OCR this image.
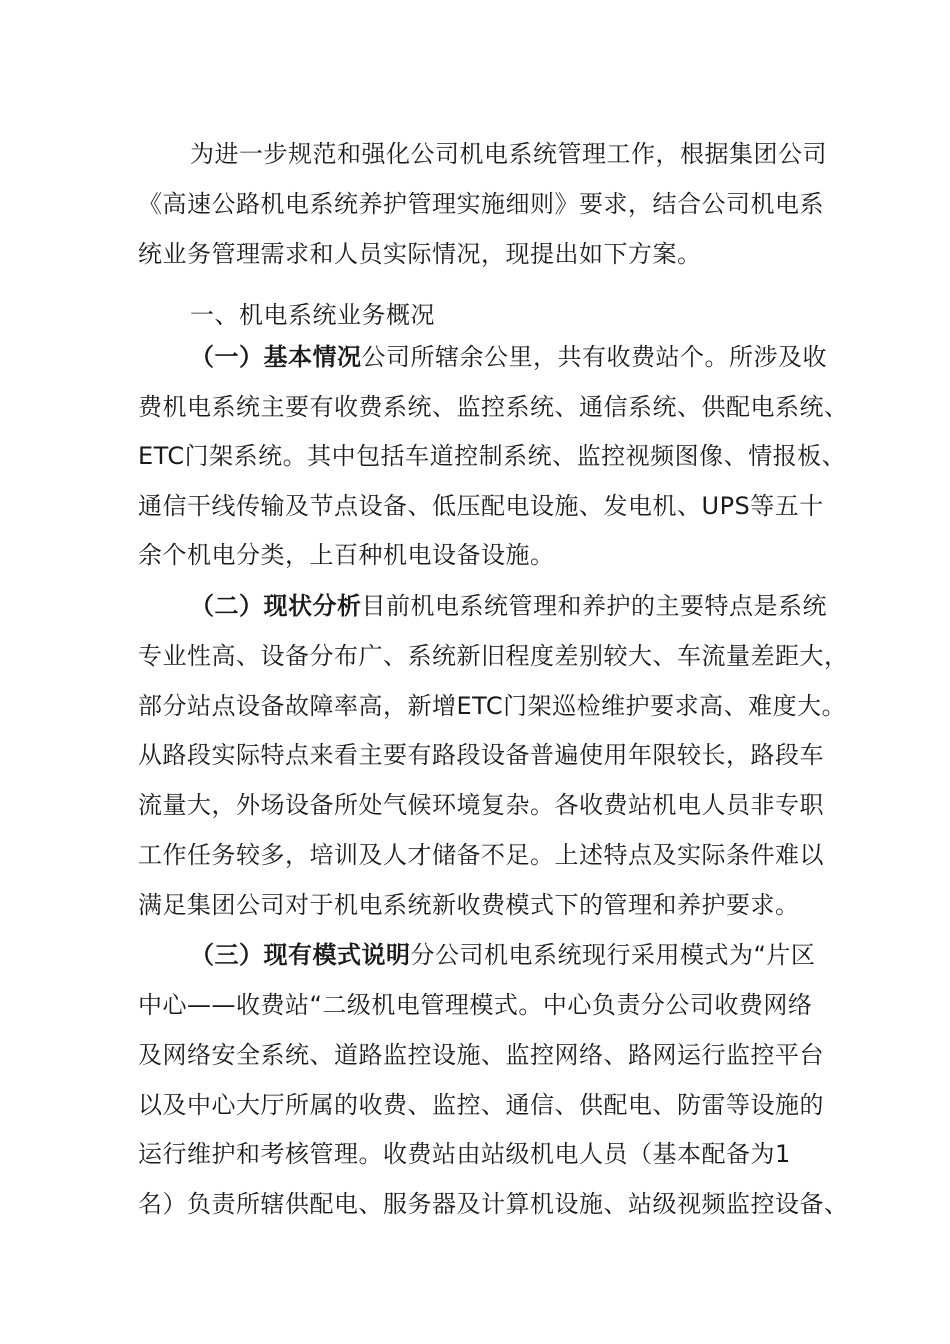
为进一步规范和强化公司机电系统管理工作，根据集团公司

《高速公路机电系统养护管理实施细则》要求，结合公司机电系

统业务管理需求和人员实际情况，现提出如下方案。

一、机电系统业务概况

（一）基本情况公司所辖余公里，共有收费站个。所涉及收

费机电系统主要有收费系统、监控系统、通信系统、供配电系统、

ETC门架系统。其中包括车道控制系统、监控视频图像、情报板、

通信干线传输及节点设备、低压配电设施、发电机、UPS等五十

余个机电分类，上百种机电设备设施。

（二）现状分析目前机电系统管理和养护的主要特点是系统

专业性高、设备分布广、系统新旧程度差别较大、车流量差距大，

部分站点设备故障率高，新增ETC门架巡检维护要求高、难度大。

从路段实际特点来看主要有路段设备普遍使用年限较长，路段车

流量大，外场设备所处气候环境复杂。各收费站机电人员非专职

工作任务较多，培训及人才储备不足。上述特点及实际条件难以

满足集团公司对于机电系统新收费模式下的管理和养护要求。

（三）现有模式说明分公司机电系统现行采用模式为“片区

中心——收费站“二级机电管理模式。中心负责分公司收费网络

及网络安全系统、道路监控设施、监控网络、路网运行监控平台

以及中心大厅所属的收费、监控、通信、供配电、防雷等设施的

运行维护和考核管理。收费站由站级机电人员（基本配备为1

名）负责所辖供配电、服务器及计算机设施、站级视频监控设备、
